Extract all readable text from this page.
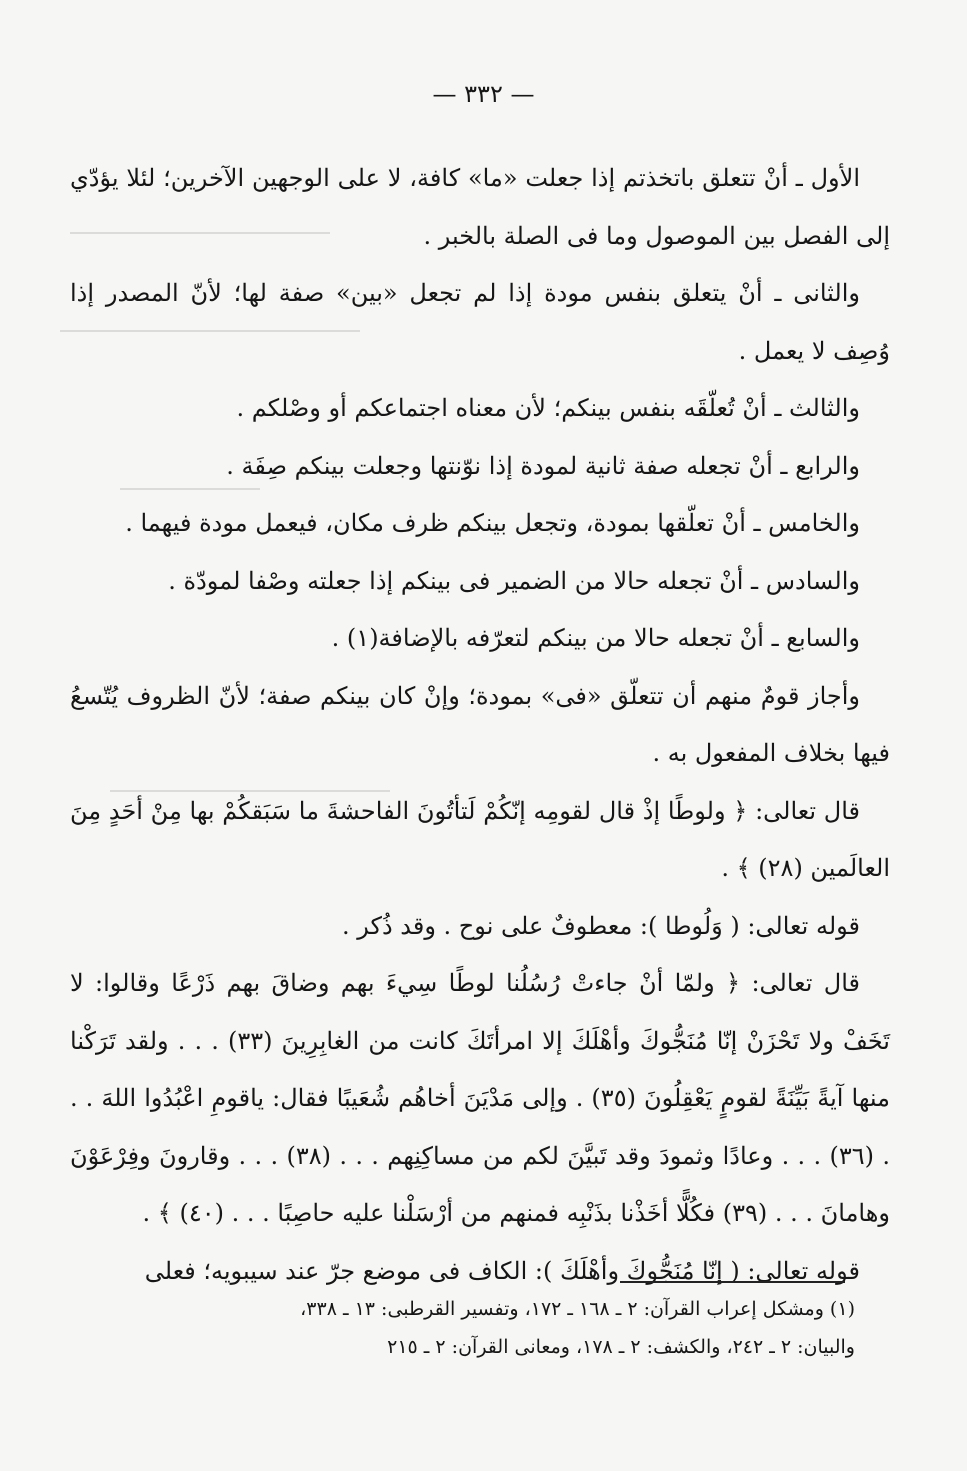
— ٣٣٢ —

الأول ـ أنْ تتعلق باتخذتم إذا جعلت «ما» كافة، لا على الوجهين الآخرين؛ لئلا يؤدّي إلى الفصل بين الموصول وما فى الصلة بالخبر .

والثانى ـ أنْ يتعلق بنفس مودة إذا لم تجعل «بين» صفة لها؛ لأنّ المصدر إذا وُصِف لا يعمل .

والثالث ـ أنْ تُعلّقَه بنفس بينكم؛ لأن معناه اجتماعكم أو وصْلكم .

والرابع ـ أنْ تجعله صفة ثانية لمودة إذا نوّنتها وجعلت بينكم صِفَة .

والخامس ـ أنْ تعلّقها بمودة، وتجعل بينكم ظرف مكان، فيعمل مودة فيهما .

والسادس ـ أنْ تجعله حالا من الضمير فى بينكم إذا جعلته وصْفا لمودّة .

والسابع ـ أنْ تجعله حالا من بينكم لتعرّفه بالإضافة(١) .

وأجاز قومٌ منهم أن تتعلّق «فى» بمودة؛ وإنْ كان بينكم صفة؛ لأنّ الظروف يُتّسعُ فيها بخلاف المفعول به .

قال تعالى: ﴿ ولوطًا إذْ قال لقومِه إنّكُمْ لَتأتُونَ الفاحشةَ ما سَبَقكُمْ بها مِنْ أحَدٍ مِنَ العالَمين (٢٨) ﴾ .

قوله تعالى: ( وَلُوطا ): معطوفٌ على نوح . وقد ذُكر .

قال تعالى: ﴿ ولمّا أنْ جاءتْ رُسُلُنا لوطًا سِيءَ بهم وضاقَ بهم ذَرْعًا وقالوا: لا تَخَفْ ولا تَحْزَنْ إنّا مُنَجُّوكَ وأهْلَكَ إلا امرأتَكَ كانت من الغابِرِينَ (٣٣) . . . ولقد تَرَكْنا منها آيةً بَيِّنَةً لقومٍ يَعْقِلُونَ (٣٥) . وإلى مَدْيَنَ أخاهُم شُعَيبًا فقال: ياقومِ اعْبُدُوا اللهَ . . . (٣٦) . . . وعادًا وثمودَ وقد تَبيَّنَ لكم من مساكِنِهم . . . (٣٨) . . . وقارونَ وفِرْعَوْنَ وهامانَ . . . (٣٩) فكُلًّا أخَذْنا بذَنْبِه فمنهم من أرْسَلْنا عليه حاصِبًا . . . (٤٠) ﴾ .

قوله تعالى: ( إنّا مُنَجُّوكَ وأهْلَكَ ): الكاف فى موضع جرّ عند سيبويه؛ فعلى

(١) ومشكل إعراب القرآن: ٢ ـ ١٦٨ ـ ١٧٢، وتفسير القرطبى: ١٣ ـ ٣٣٨،

والبيان: ٢ ـ ٢٤٢، والكشف: ٢ ـ ١٧٨، ومعانى القرآن: ٢ ـ ٢١٥
